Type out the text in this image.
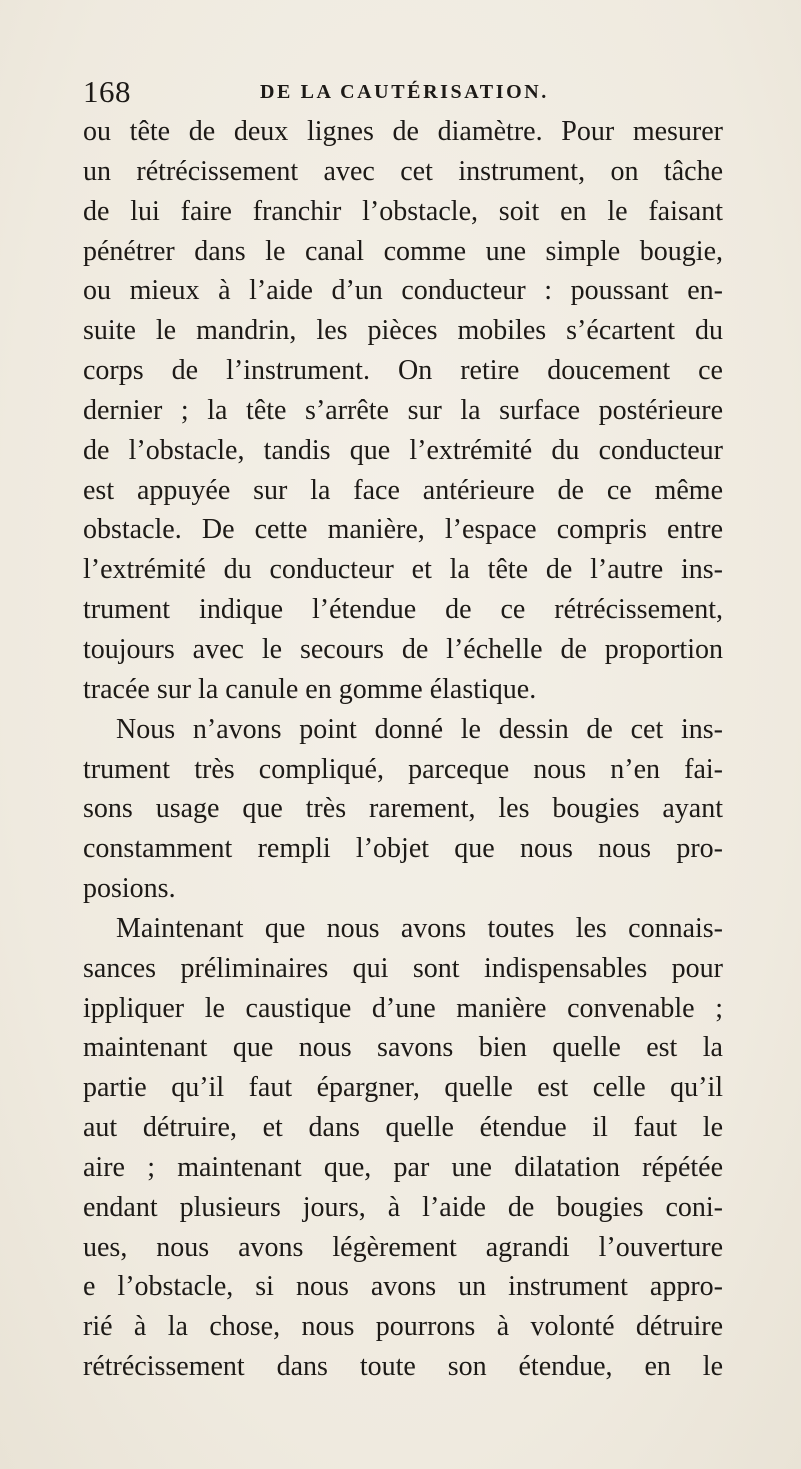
168	DE LA CAUTÉRISATION.
ou tête de deux lignes de diamètre. Pour mesurer
un rétrécissement avec cet instrument, on tâche
de lui faire franchir l’obstacle, soit en le faisant
pénétrer dans le canal comme une simple bougie,
ou mieux à l’aide d’un conducteur : poussant en-
suite le mandrin, les pièces mobiles s’écartent du
corps de l’instrument. On retire doucement ce
dernier ; la tête s’arrête sur la surface postérieure
de l’obstacle, tandis que l’extrémité du conducteur
est appuyée sur la face antérieure de ce même
obstacle. De cette manière, l’espace compris entre
l’extrémité du conducteur et la tête de l’autre ins-
trument indique l’étendue de ce rétrécissement,
toujours avec le secours de l’échelle de proportion
tracée sur la canule en gomme élastique.
Nous n’avons point donné le dessin de cet ins-
trument très compliqué, parceque nous n’en fai-
sons usage que très rarement, les bougies ayant
constamment rempli l’objet que nous nous pro-
posions.
Maintenant que nous avons toutes les connais-
sances préliminaires qui sont indispensables pour
ippliquer le caustique d’une manière convenable ;
maintenant que nous savons bien quelle est la
partie qu’il faut épargner, quelle est celle qu’il
aut détruire, et dans quelle étendue il faut le
aire ; maintenant que, par une dilatation répétée
endant plusieurs jours, à l’aide de bougies coni-
ues, nous avons légèrement agrandi l’ouverture
e l’obstacle, si nous avons un instrument appro-
rié à la chose, nous pourrons à volonté détruire
rétrécissement dans toute son étendue, en le
